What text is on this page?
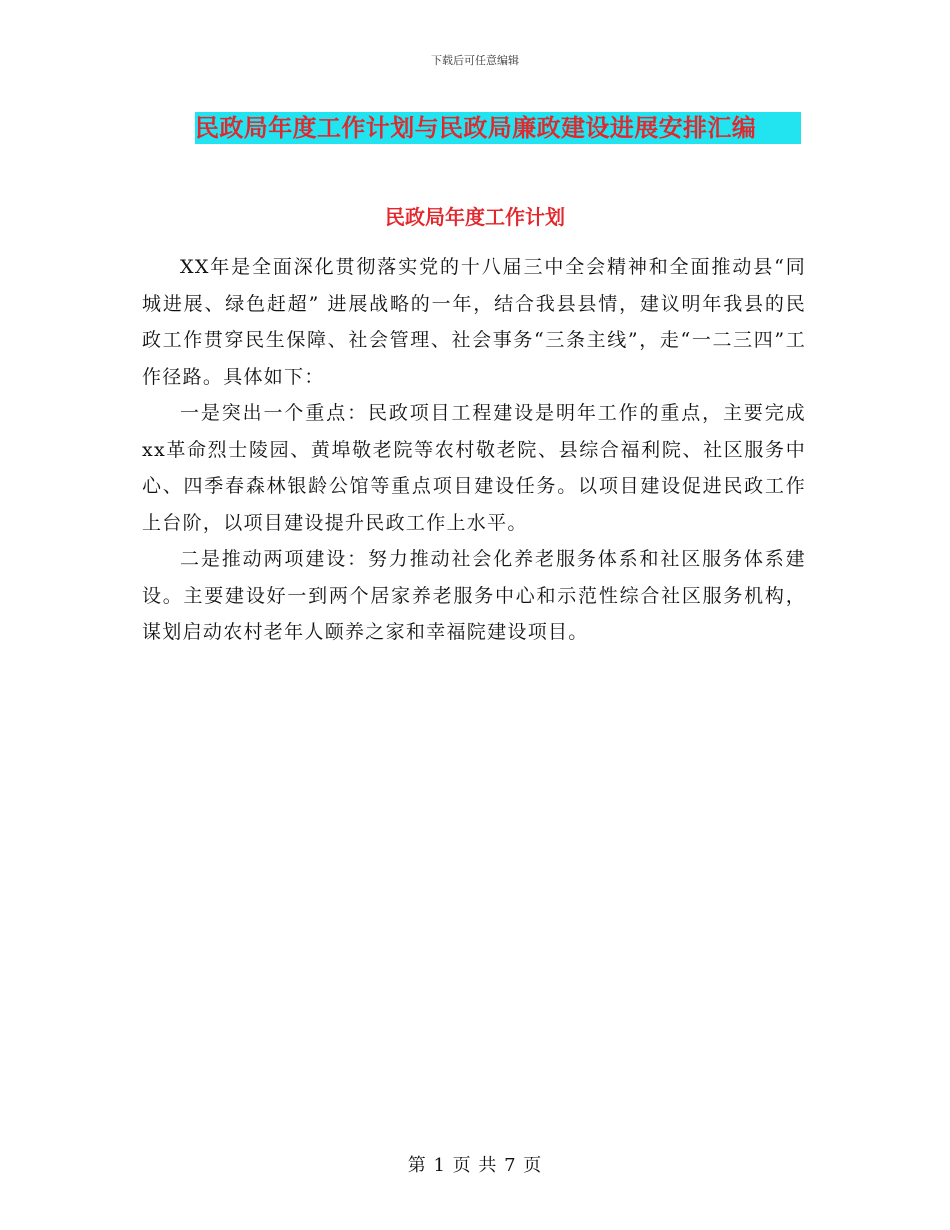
下载后可任意编辑
民政局年度工作计划与民政局廉政建设进展安排汇编
民政局年度工作计划

XX年是全面深化贯彻落实党的十八届三中全会精神和全面推动县“同城进展、绿色赶超” 进展战略的一年，结合我县县情，建议明年我县的民政工作贯穿民生保障、社会管理、社会事务“三条主线”，走“一二三四”工作径路。具体如下：

一是突出一个重点：民政项目工程建设是明年工作的重点，主要完成xx革命烈士陵园、黄埠敬老院等农村敬老院、县综合福利院、社区服务中心、四季春森林银龄公馆等重点项目建设任务。以项目建设促进民政工作上台阶，以项目建设提升民政工作上水平。

二是推动两项建设：努力推动社会化养老服务体系和社区服务体系建设。主要建设好一到两个居家养老服务中心和示范性综合社区服务机构，谋划启动农村老年人颐养之家和幸福院建设项目。

第 1 页 共 7 页
